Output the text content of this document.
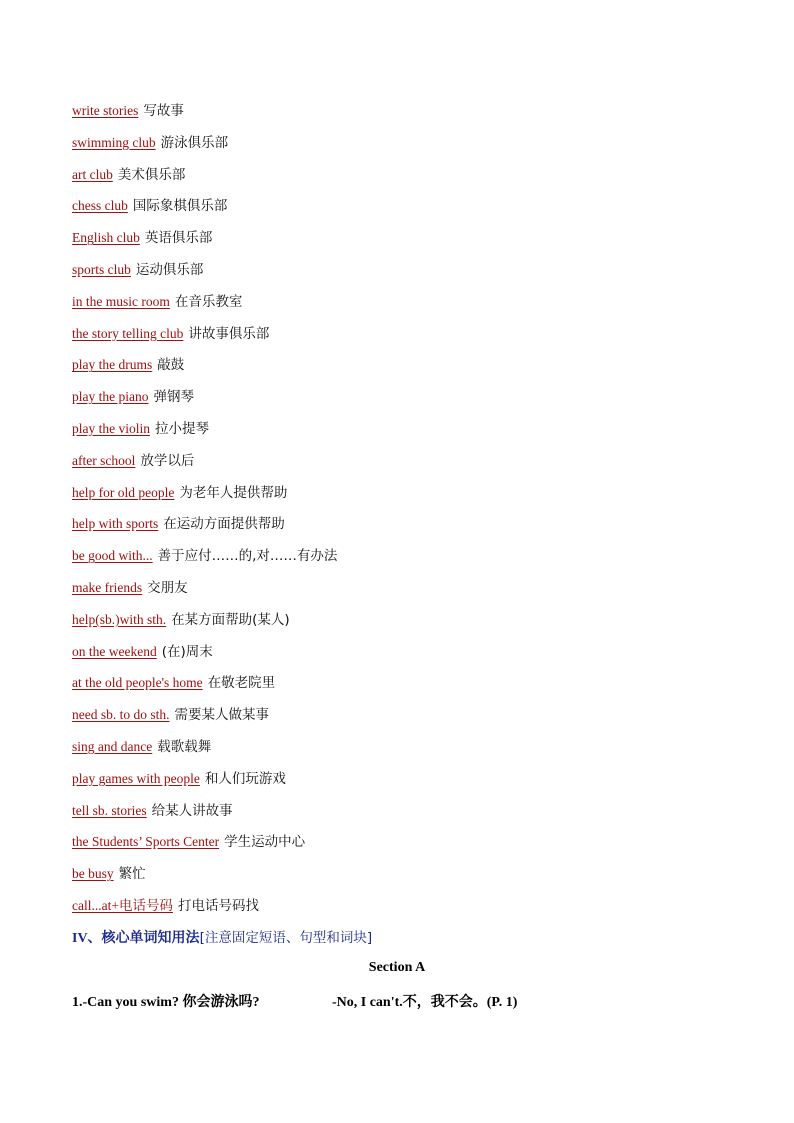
write stories 写故事
swimming club 游泳俱乐部
art club 美术俱乐部
chess club 国际象棋俱乐部
English club 英语俱乐部
sports club 运动俱乐部
in the music room 在音乐教室
the story telling club 讲故事俱乐部
play the drums 敲鼓
play the piano 弹钢琴
play the violin 拉小提琴
after school 放学以后
help for old people 为老年人提供帮助
help with sports 在运动方面提供帮助
be good with... 善于应付……的,对……有办法
make friends 交朋友
help(sb.)with sth. 在某方面帮助(某人)
on the weekend (在)周末
at the old people's home 在敬老院里
need sb. to do sth. 需要某人做某事
sing and dance 载歌载舞
play games with people 和人们玩游戏
tell sb. stories 给某人讲故事
the Students’ Sports Center 学生运动中心
be busy 繁忙
call...at+电话号码 打电话号码找
IV、核心单词知用法[注意固定短语、句型和词块]
Section A
1.-Can you swim? 你会游泳吗?	-No, I can't.不，我不会。(P. 1)
